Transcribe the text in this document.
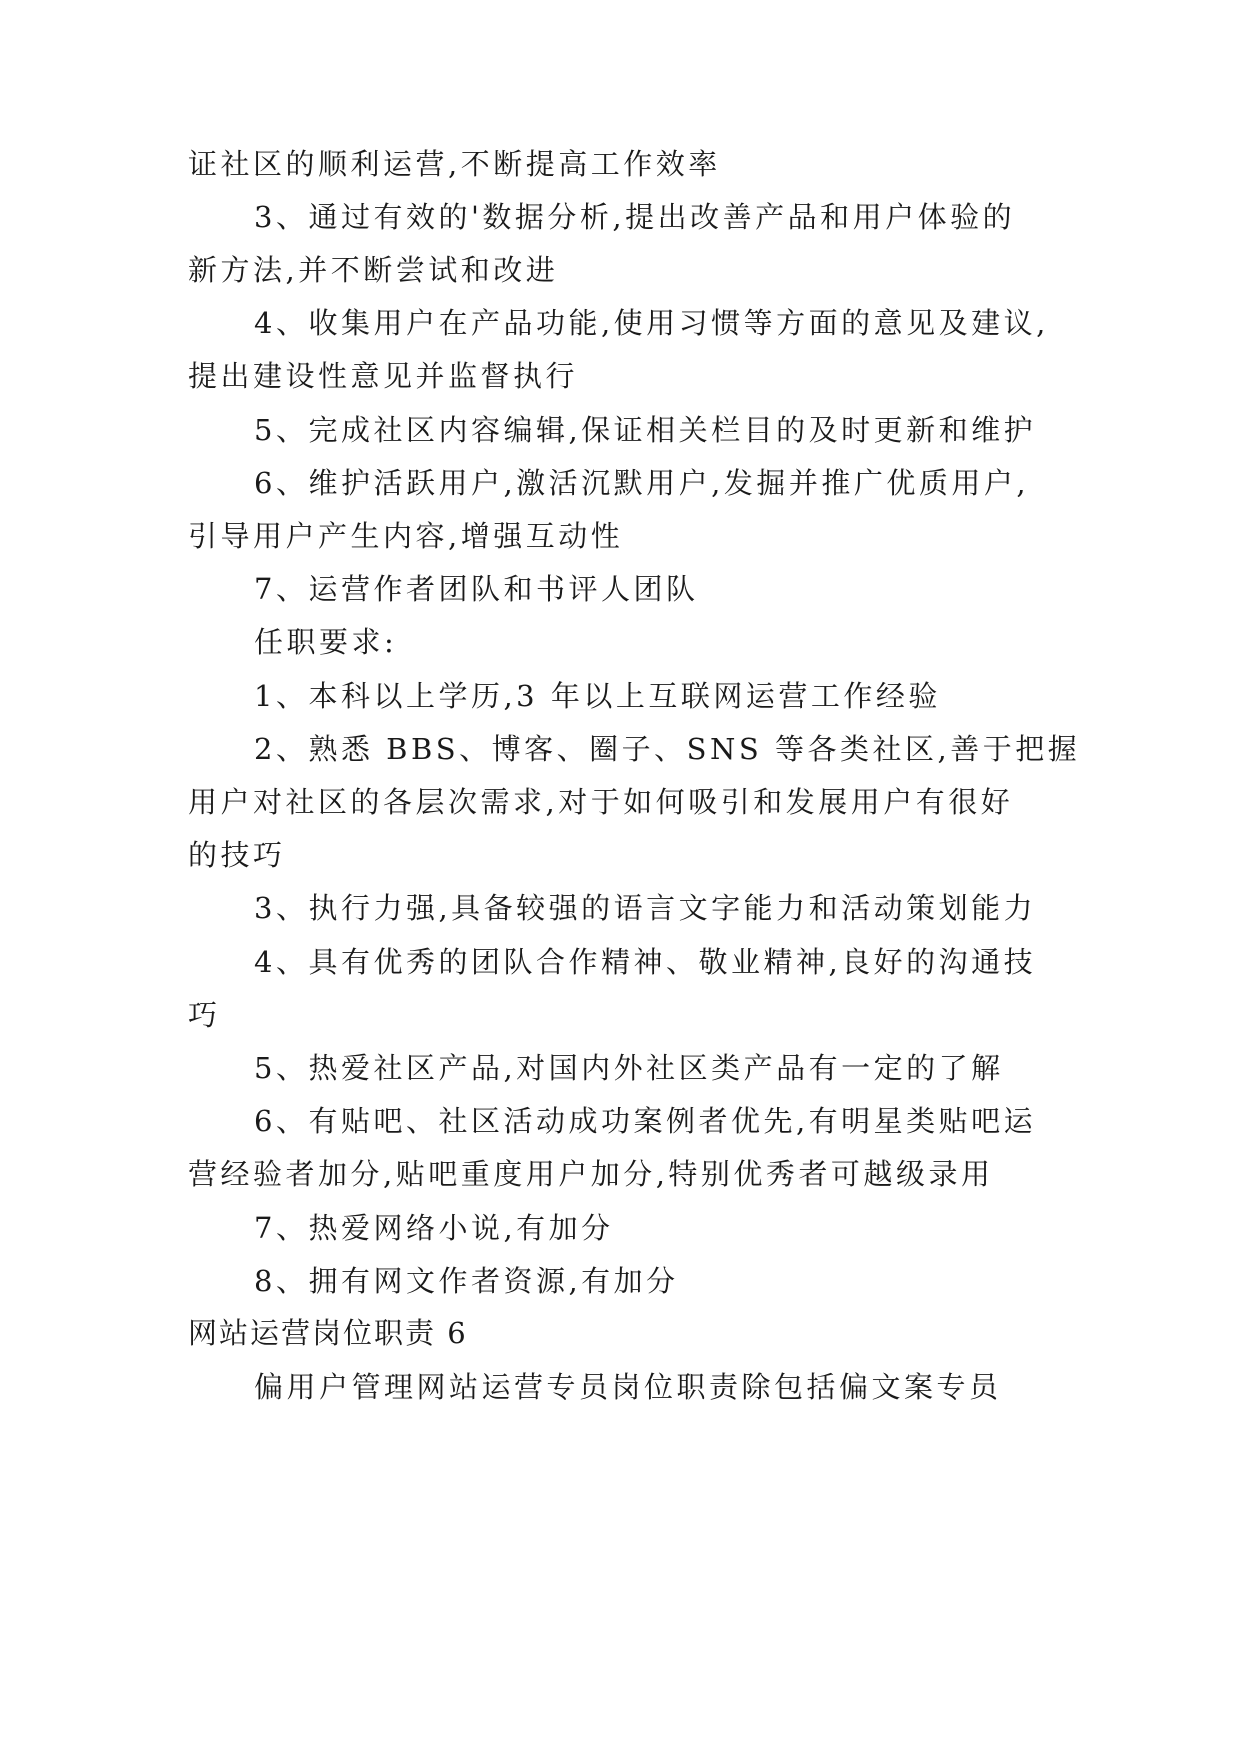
证社区的顺利运营,不断提高工作效率
3、通过有效的'数据分析,提出改善产品和用户体验的
新方法,并不断尝试和改进
4、收集用户在产品功能,使用习惯等方面的意见及建议,
提出建设性意见并监督执行
5、完成社区内容编辑,保证相关栏目的及时更新和维护
6、维护活跃用户,激活沉默用户,发掘并推广优质用户,
引导用户产生内容,增强互动性
7、运营作者团队和书评人团队
任职要求:
1、本科以上学历,3 年以上互联网运营工作经验
2、熟悉 BBS、博客、圈子、SNS 等各类社区,善于把握
用户对社区的各层次需求,对于如何吸引和发展用户有很好
的技巧
3、执行力强,具备较强的语言文字能力和活动策划能力
4、具有优秀的团队合作精神、敬业精神,良好的沟通技
巧
5、热爱社区产品,对国内外社区类产品有一定的了解
6、有贴吧、社区活动成功案例者优先,有明星类贴吧运
营经验者加分,贴吧重度用户加分,特别优秀者可越级录用
7、热爱网络小说,有加分
8、拥有网文作者资源,有加分
网站运营岗位职责 6
偏用户管理网站运营专员岗位职责除包括偏文案专员
